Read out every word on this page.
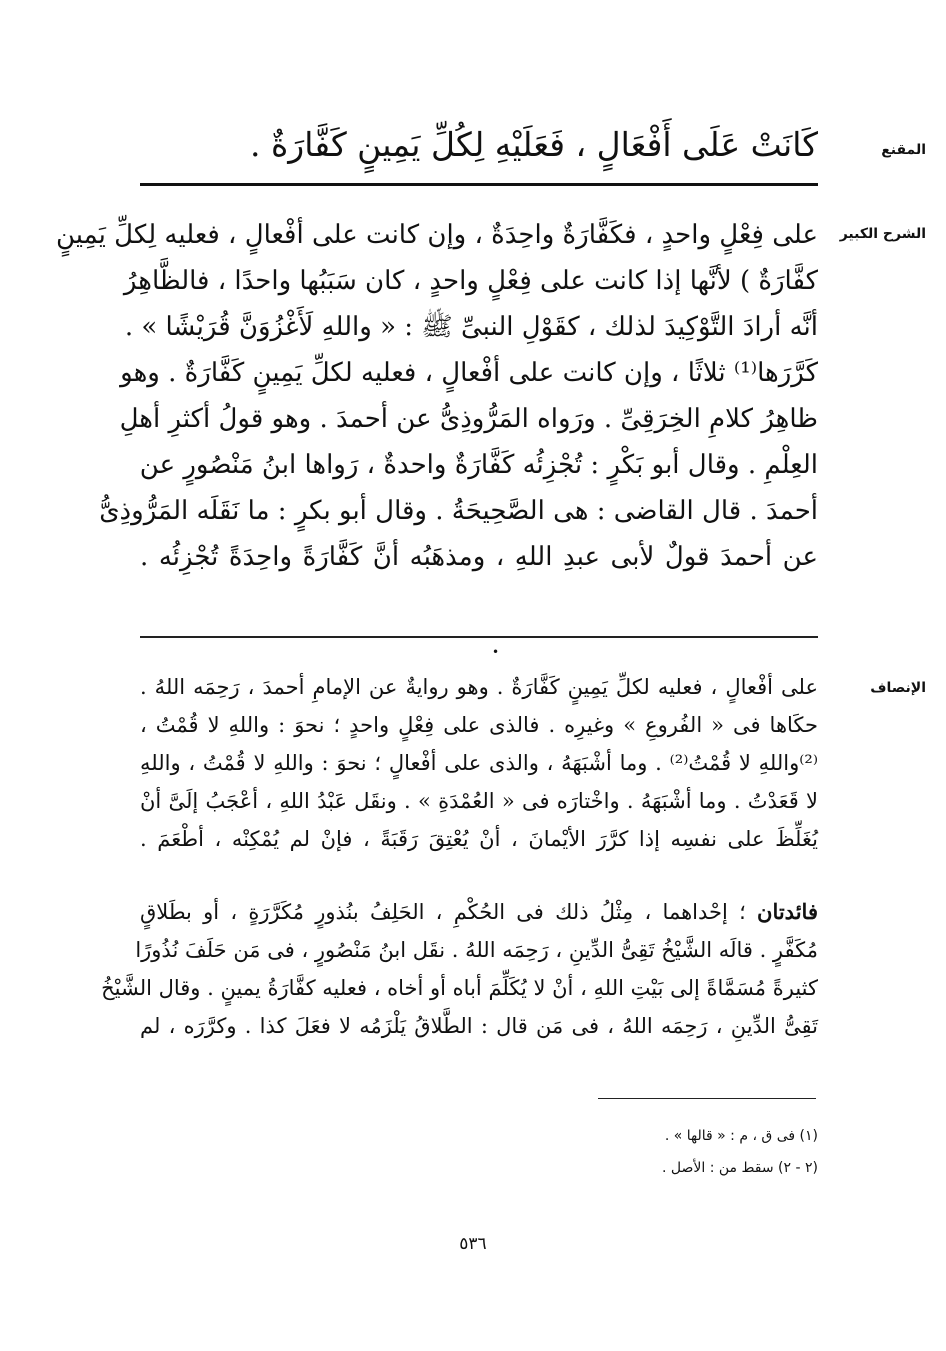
المقنع
كَانَتْ عَلَى أَفْعَالٍ ، فَعَلَيْهِ لِكُلِّ يَمِينٍ كَفَّارَةٌ .
الشرح الكبير
على فِعْلٍ واحدٍ ، فكَفَّارَةٌ واحِدَةٌ ، وإن كانت على أفْعالٍ ، فعليه لِكلِّ يَمِينٍ
كفَّارَةٌ ) لأنَّها إذا كانت على فِعْلٍ واحدٍ ، كان سَبَبُها واحدًا ، فالظَّاهِرُ
أنَّه أرادَ التَّوْكِيدَ لذلك ، كقَوْلِ النبىِّ ﷺ : « واللهِ لَأَغْزُوَنَّ قُرَيْشًا » .
كَرَّرَها⁽¹⁾ ثلاثًا ، وإن كانت على أفْعالٍ ، فعليه لكلِّ يَمِينٍ كَفَّارَةٌ . وهو
ظاهِرُ كلامِ الخِرَقِىِّ . ورَواه المَرُّوذِىُّ عن أحمدَ . وهو قولُ أكثرِ أهلِ
العِلْمِ . وقال أبو بَكْرٍ : تُجْزِئُه كَفَّارَةٌ واحدةٌ ، رَواها ابنُ مَنْصُورٍ عن
أحمدَ . قال القاضى : هى الصَّحِيحَةُ . وقال أبو بكرٍ : ما نَقَلَه المَرُّوذِىُّ
عن أحمدَ قولٌ لأبى عبدِ اللهِ ، ومذهَبُه أنَّ كَفَّارَةً واحِدَةً تُجْزِئُه .
•
الإنصاف
على أفْعالٍ ، فعليه لكلِّ يَمِينٍ كَفَّارَةٌ . وهو روايةٌ عن الإمامِ أحمدَ ، رَحِمَه اللهُ .
حكَاها فى « الفُروعِ » وغيرِه . فالذى على فِعْلٍ واحدٍ ؛ نحوَ : واللهِ لا قُمْتُ ،
⁽²⁾واللهِ لا قُمْتُ⁽²⁾ . وما أشْبَهَهُ ، والذى على أفْعالٍ ؛ نحوَ : واللهِ لا قُمْتُ ، واللهِ
لا قَعَدْتُ . وما أشْبَهَهُ . واخْتارَه فى « العُمْدَةِ » . ونقَل عَبْدُ اللهِ ، أعْجَبُ إلَىَّ أنْ
يُغَلِّظَ على نفسِه إذا كرَّرَ الأيْمانَ ، أنْ يُعْتِقَ رَقَبَةً ، فإنْ لم يُمْكِنْه ، أطْعَمَ .
فائدتان ؛ إحْداهما ، مِثْلُ ذلك فى الحُكْمِ ، الحَلِفُ بنُذورٍ مُكَرَّرَةٍ ، أو بطَلاقٍ
مُكَفَّرٍ . قالَه الشَّيْخُ تَقِىُّ الدِّينِ ، رَحِمَه اللهُ . نقَل ابنُ مَنْصُورٍ ، فى مَن حَلَفَ نُذُورًا
كثيرةً مُسَمَّاةً إلى بَيْتِ اللهِ ، أنْ لا يُكَلِّمَ أباه أو أخاه ، فعليه كفَّارَةُ يمينٍ . وقال الشَّيْخُ
تَقِىُّ الدِّينِ ، رَحِمَه اللهُ ، فى مَن قال : الطَّلاقُ يَلْزَمُه لا فعَلَ كذا . وكرَّرَه ، لم
(١) فى ق ، م : « قالها » .
(٢ - ٢) سقط من : الأصل .
٥٣٦
